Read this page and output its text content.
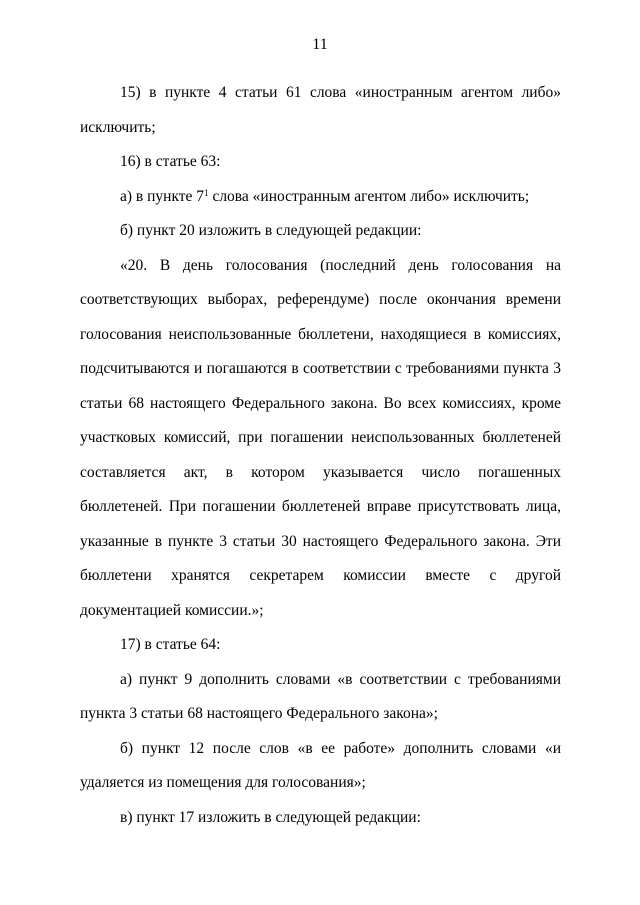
11

15) в пункте 4 статьи 61 слова «иностранным агентом либо» исключить;

16) в статье 63:

а) в пункте $7^1$ слова «иностранным агентом либо» исключить;

б) пункт 20 изложить в следующей редакции:

«20. В день голосования (последний день голосования на соответствующих выборах, референдуме) после окончания времени голосования неиспользованные бюллетени, находящиеся в комиссиях, подсчитываются и погашаются в соответствии с требованиями пункта 3 статьи 68 настоящего Федерального закона. Во всех комиссиях, кроме участковых комиссий, при погашении неиспользованных бюллетеней составляется акт, в котором указывается число погашенных бюллетеней. При погашении бюллетеней вправе присутствовать лица, указанные в пункте 3 статьи 30 настоящего Федерального закона. Эти бюллетени хранятся секретарем комиссии вместе с другой документацией комиссии.»;

17) в статье 64:

а) пункт 9 дополнить словами «в соответствии с требованиями пункта 3 статьи 68 настоящего Федерального закона»;

б) пункт 12 после слов «в ее работе» дополнить словами «и удаляется из помещения для голосования»;

в) пункт 17 изложить в следующей редакции:
